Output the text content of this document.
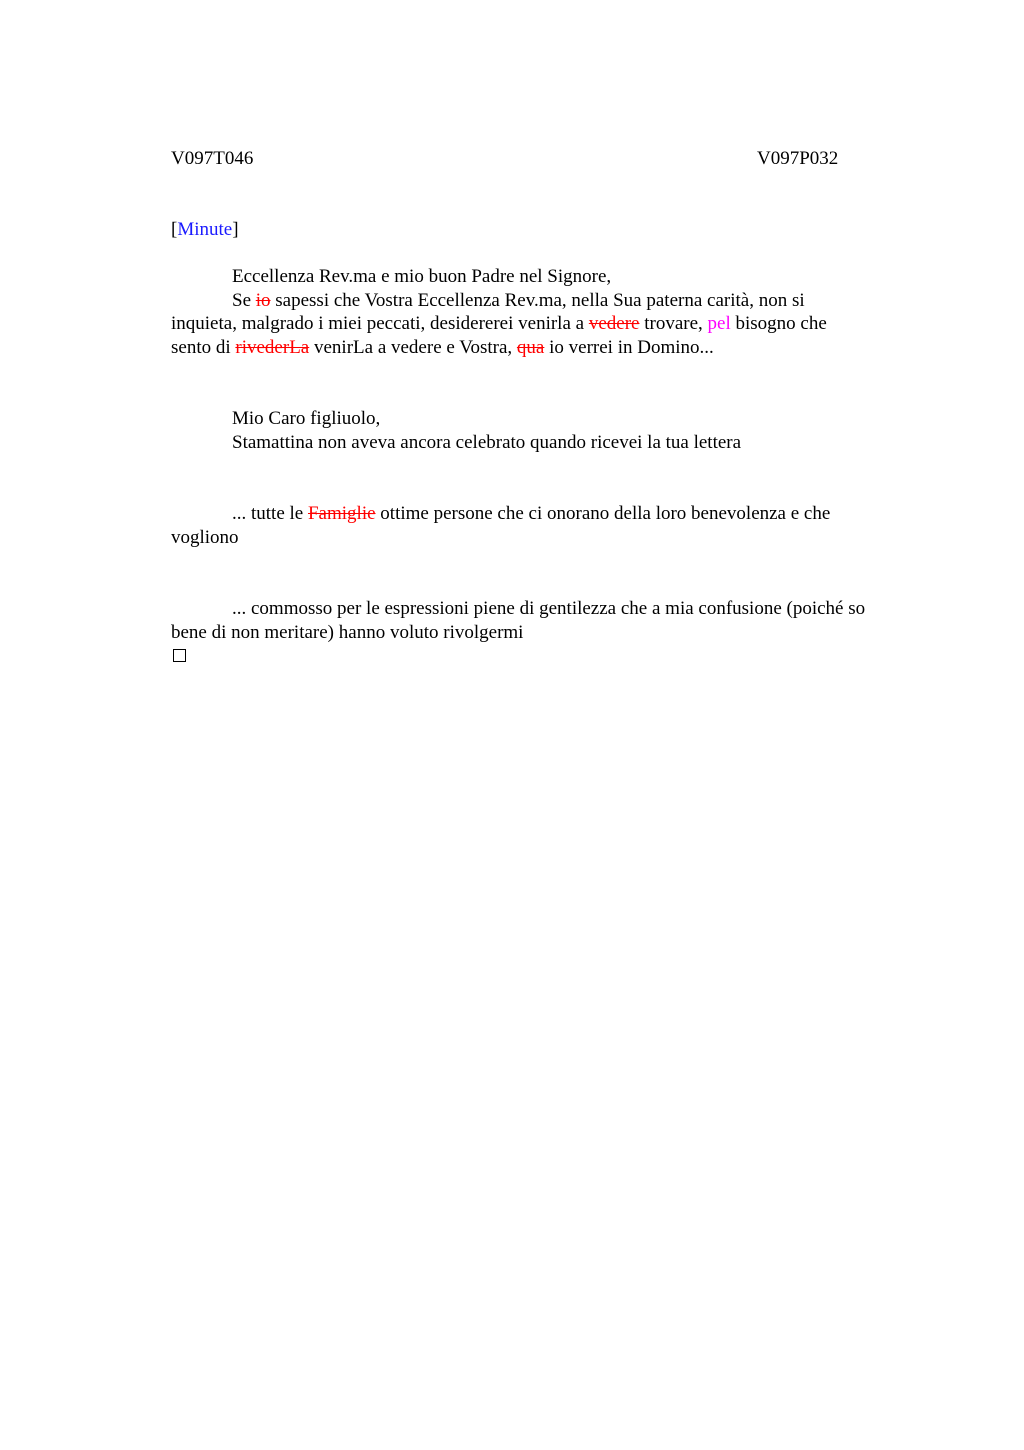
V097T046	V097P032
[Minute]
Eccellenza Rev.ma e mio buon Padre nel Signore,
Se io sapessi che Vostra Eccellenza Rev.ma, nella Sua paterna carità, non si
inquieta, malgrado i miei peccati, desidererei venirla a vedere trovare, pel bisogno che
sento di rivederLa venirLa a vedere e Vostra, qua io verrei in Domino...
Mio Caro figliuolo,
Stamattina non aveva ancora celebrato quando ricevei la tua lettera
... tutte le Famiglie ottime persone che ci onorano della loro benevolenza e che
vogliono
... commosso per le espressioni piene di gentilezza che a mia confusione (poiché so
bene di non meritare) hanno voluto rivolgermi
